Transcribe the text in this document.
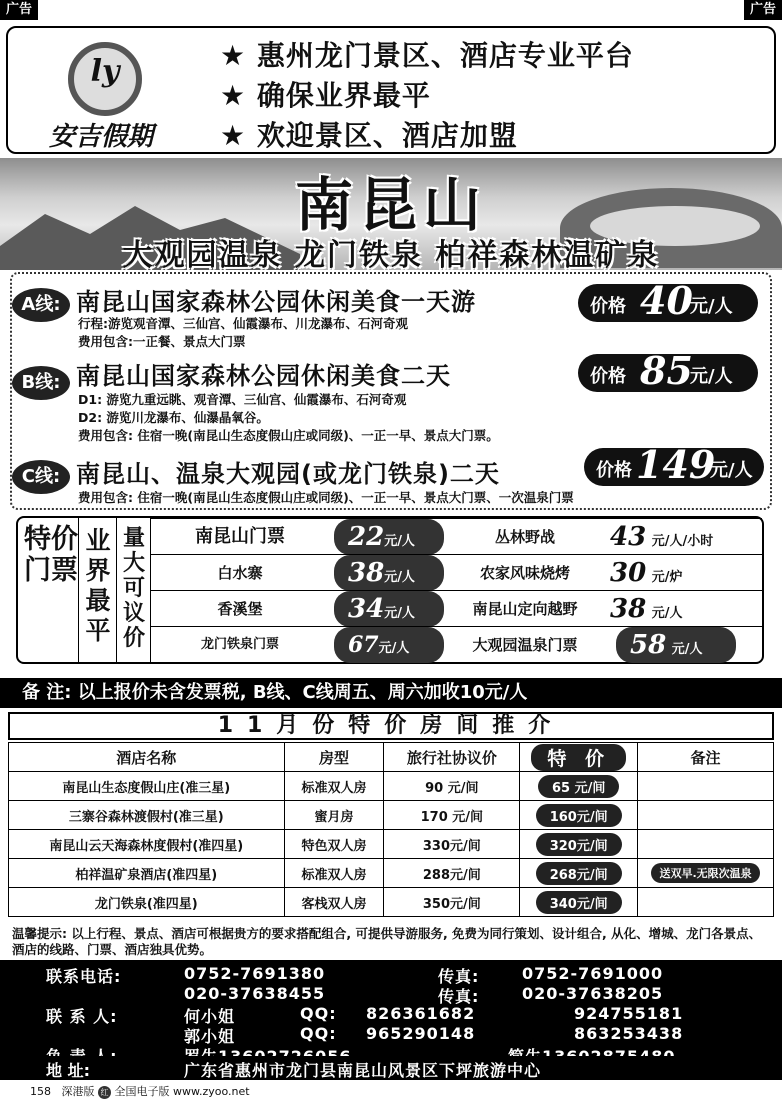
广告	广告
ly
安吉假期
★ 惠州龙门景区、酒店专业平台
★ 确保业界最平
★ 欢迎景区、酒店加盟
南昆山
大观园温泉 龙门铁泉 柏祥森林温矿泉
A线: 南昆山国家森林公园休闲美食一天游	价格 40
元/人
行程:游览观音潭、三仙宫、仙霞瀑布、川龙瀑布、石河奇观
费用包含:一正餐、景点大门票
B线: 南昆山国家森林公园休闲美食二天	价格 85
元/人
D1: 游览九重远眺、观音潭、三仙宫、仙霞瀑布、石河奇观
D2: 游览川龙瀑布、仙瀑晶氧谷。
费用包含: 住宿一晚(南昆山生态度假山庄或同级)、一正一早、景点大门票。
C线: 南昆山、温泉大观园(或龙门铁泉)二天	价格 149
元/人
费用包含: 住宿一晚(南昆山生态度假山庄或同级)、一正一早、景点大门票、一次温泉门票
特价门票
业界最平
量大可议价
南昆山门票	22元/人	丛林野战	43 元/人/小时
白水寨	38元/人	农家风味烧烤	30 元/炉
香溪堡	34元/人	南昆山定向越野	38 元/人
龙门铁泉门票	67元/人	大观园温泉门票	58 元/人
备 注: 以上报价未含发票税, B线、C线周五、周六加收10元/人
11月份特价房间推介
酒店名称	房型	旅行社协议价	特 价	备注
南昆山生态度假山庄(准三星)	标准双人房	90 元/间	65 元/间	
三寨谷森林渡假村(准三星)	蜜月房	170 元/间	160元/间	
南昆山云天海森林度假村(准四星)	特色双人房	330元/间	320元/间	
柏祥温矿泉酒店(准四星)	标准双人房	288元/间	268元/间	送双早.无限次温泉
龙门铁泉(准四星)	客栈双人房	350元/间	340元/间	
温馨提示: 以上行程、景点、酒店可根据贵方的要求搭配组合, 可提供导游服务, 免费为同行策划、设计组合, 从化、增城、龙门各景点、酒店的线路、门票、酒店独具优势。
联系电话:	0752-7691380	传真:	0752-7691000
020-37638455	传真:	020-37638205
联 系 人:	何小姐	QQ: 826361682	924755181
郭小姐	QQ: 965290148	863253438
地 址:	广东省惠州市龙门县南昆山风景区下坪旅游中心
158 深港版 红 全国电子版 www.zyoo.net
